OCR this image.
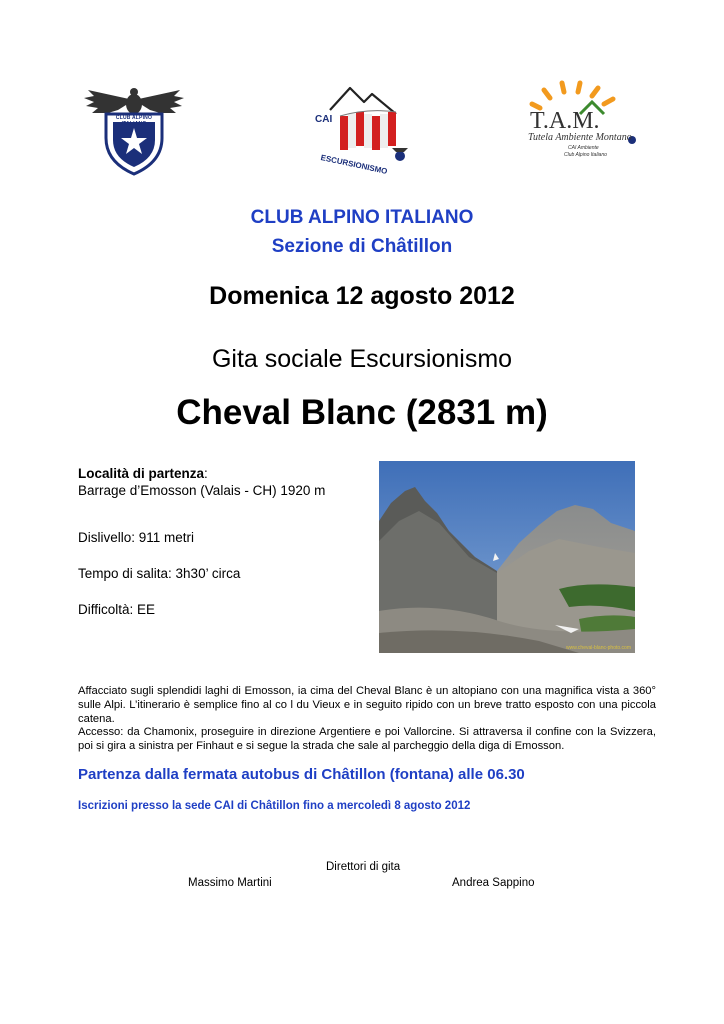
CLUB ALPINO ITALIANO	CAI
ESCURSIONISMO
T.A.M.
Tutela Ambiente Montano
CAI Ambiente
Club Alpino Italiano
CLUB ALPINO ITALIANO
Sezione di Châtillon
Domenica 12 agosto 2012
Gita sociale Escursionismo
Cheval Blanc (2831 m)
Località di partenza:
Barrage d’Emosson (Valais - CH) 1920 m
Dislivello: 911 metri
Tempo di salita: 3h30’ circa
Difficoltà: EE
www.cheval-blanc-photo.com
Affacciato sugli splendidi laghi di Emosson, ia cima del Cheval Blanc è un altopiano con una magnifica vista a 360° sulle Alpi. L’itinerario è semplice fino al co l du Vieux e in seguito ripido con un breve tratto esposto con una piccola catena.
Accesso: da Chamonix, proseguire in direzione Argentiere e poi Vallorcine. Si attraversa il confine con la Svizzera, poi si gira a sinistra per Finhaut e si segue la strada che sale al parcheggio della diga di Emosson.
Partenza dalla fermata autobus di Châtillon (fontana) alle 06.30
Iscrizioni presso la sede CAI di Châtillon fino a mercoledì 8 agosto 2012
Direttori di gita
Massimo Martini	Andrea Sappino
